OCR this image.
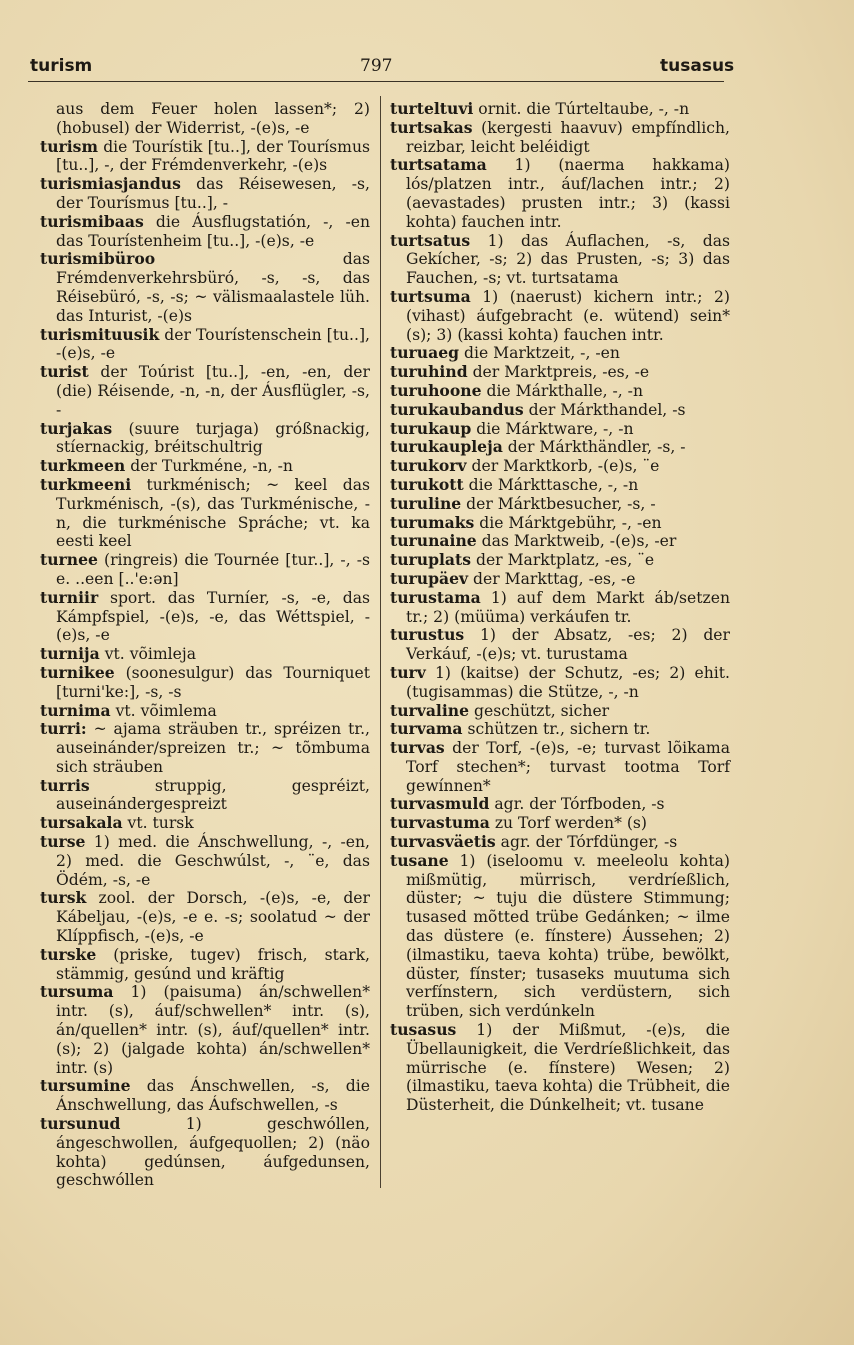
turism	797	tusasus

aus dem Feuer holen lassen*; 2) (hobusel) der Widerrist, -(e)s, -e

turism die Tourístik [tu..], der Tourísmus [tu..], -, der Frémdenverkehr, -(e)s

turismiasjandus das Réisewesen, -s, der Tourísmus [tu..], -

turismibaas die Áusflugstatión, -, -en das Tourístenheim [tu..], -(e)s, -e

turismibüroo das Frémdenverkehrsbüró, -s, -s, das Réisebüró, -s, -s; ~ välismaalastele lüh. das Inturist, -(e)s

turismituusik der Tourístenschein [tu..], -(e)s, -e

turist der Toúrist [tu..], -en, -en, der (die) Réisende, -n, -n, der Áusflügler, -s, -

turjakas (suure turjaga) gróßnackig, stíernackig, bréitschultrig

turkmeen der Turkméne, -n, -n

turkmeeni turkménisch; ~ keel das Turkménisch, -(s), das Turkménische, -n, die turkménische Spráche; vt. ka eesti keel

turnee (ringreis) die Tournée [tur..], -, -s e. ..een [..'e:ən]

turniir sport. das Turníer, -s, -e, das Kámpfspiel, -(e)s, -e, das Wéttspiel, -(e)s, -e

turnija vt. võimleja

turnikee (soonesulgur) das Tourniquet [turni'ke:], -s, -s

turnima vt. võimlema

turri: ~ ajama sträuben tr., spréizen tr., auseinánder/spreizen tr.; ~ tõmbuma sich sträuben

turris struppig, gespréizt, auseinándergespreizt

tursakala vt. tursk

turse 1) med. die Ánschwellung, -, -en, 2) med. die Geschwúlst, -, ¨e, das Ödém, -s, -e

tursk zool. der Dorsch, -(e)s, -e, der Kábeljau, -(e)s, -e e. -s; soolatud ~ der Klíppfisch, -(e)s, -e

turske (priske, tugev) frisch, stark, stämmig, gesúnd und kräftig

tursuma 1) (paisuma) án/schwellen* intr. (s), áuf/schwellen* intr. (s), án/quellen* intr. (s), áuf/quellen* intr. (s); 2) (jalgade kohta) án/schwellen* intr. (s)

tursumine das Ánschwellen, -s, die Ánschwellung, das Áufschwellen, -s

tursunud 1) geschwóllen, ángeschwollen, áufgequollen; 2) (näo kohta) gedúnsen, áufgedunsen, geschwóllen

turteltuvi ornit. die Túrteltaube, -, -n

turtsakas (kergesti haavuv) empfíndlich, reizbar, leicht beléidigt

turtsatama 1) (naerma hakkama) lós/platzen intr., áuf/lachen intr.; 2) (aevastades) prusten intr.; 3) (kassi kohta) fauchen intr.

turtsatus 1) das Áuflachen, -s, das Gekícher, -s; 2) das Prusten, -s; 3) das Fauchen, -s; vt. turtsatama

turtsuma 1) (naerust) kichern intr.; 2) (vihast) áufgebracht (e. wütend) sein* (s); 3) (kassi kohta) fauchen intr.

turuaeg die Marktzeit, -, -en

turuhind der Marktpreis, -es, -e

turuhoone die Márkthalle, -, -n

turukaubandus der Márkthandel, -s

turukaup die Márktware, -, -n

turukaupleja der Márkthändler, -s, -

turukorv der Marktkorb, -(e)s, ¨e

turukott die Márkttasche, -, -n

turuline der Márktbesucher, -s, -

turumaks die Márktgebühr, -, -en

turunaine das Marktweib, -(e)s, -er

turuplats der Marktplatz, -es, ¨e

turupäev der Markttag, -es, -e

turustama 1) auf dem Markt áb/setzen tr.; 2) (müüma) verkáufen tr.

turustus 1) der Absatz, -es; 2) der Verkáuf, -(e)s; vt. turustama

turv 1) (kaitse) der Schutz, -es; 2) ehit. (tugisammas) die Stütze, -, -n

turvaline geschützt, sicher

turvama schützen tr., sichern tr.

turvas der Torf, -(e)s, -e; turvast lõikama Torf stechen*; turvast tootma Torf gewínnen*

turvasmuld agr. der Tórfboden, -s

turvastuma zu Torf werden* (s)

turvasväetis agr. der Tórfdünger, -s

tusane 1) (iseloomu v. meeleolu kohta) mißmütig, mürrisch, verdríeßlich, düster; ~ tuju die düstere Stimmung; tusased mõtted trübe Gedánken; ~ ilme das düstere (e. fínstere) Áussehen; 2) (ilmastiku, taeva kohta) trübe, bewölkt, düster, fínster; tusaseks muutuma sich verfínstern, sich verdüstern, sich trüben, sich verdúnkeln

tusasus 1) der Mißmut, -(e)s, die Übellaunigkeit, die Verdríeßlichkeit, das mürrische (e. fínstere) Wesen; 2) (ilmastiku, taeva kohta) die Trübheit, die Düsterheit, die Dúnkelheit; vt. tusane
